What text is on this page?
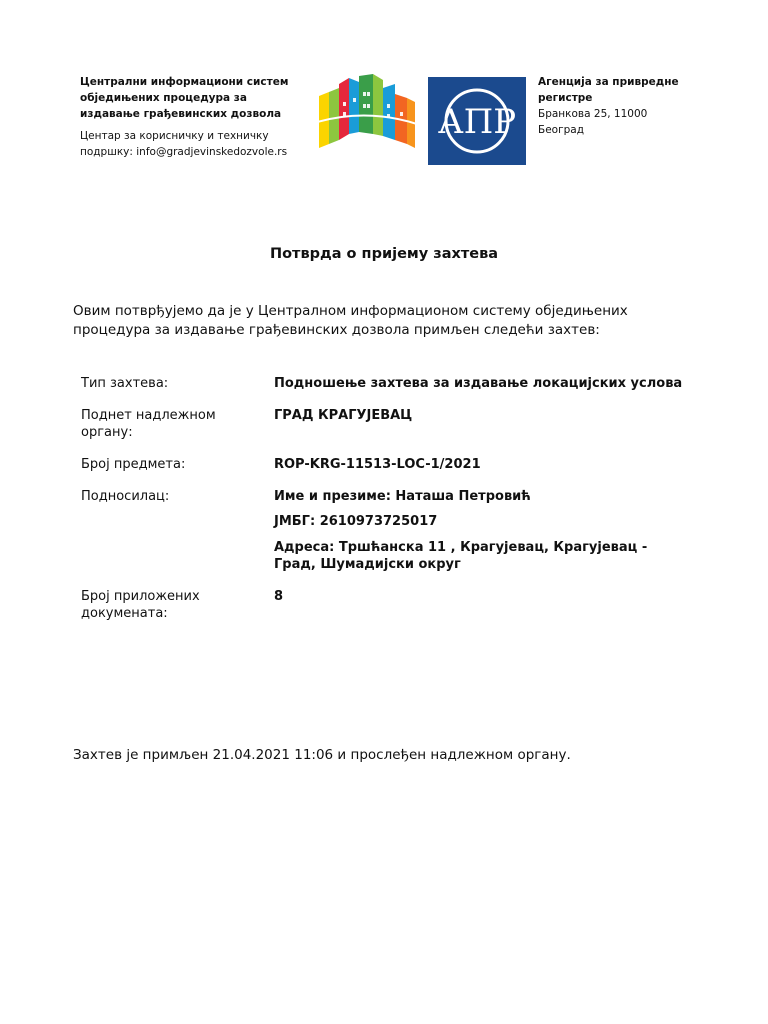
Централни информациони систем обједињених процедура за издавање грађевинских дозвола
Центар за корисничку и техничку подршку: info@gradjevinskedozvole.rs
АПР
Агенција за привредне регистре
Бранкова 25, 11000 Београд
Потврда о пријему захтева
Овим потврђујемо да је у Централном информационом систему обједињених процедура за издавање грађевинских дозвола примљен следећи захтев:
Тип захтева:	Подношење захтева за издавање локацијских услова
Поднет надлежном органу:
ГРАД КРАГУЈЕВАЦ
Број предмета:	ROP-KRG-11513-LOC-1/2021
Подносилац:	Име и презиме: Наташа Петровић
ЈМБГ: 2610973725017
Адреса: Тршћанска 11 , Крагујевац, Крагујевац - Град, Шумадијски округ
Број приложених докумената:
8
Захтев је примљен 21.04.2021 11:06 и прослеђен надлежном органу.
